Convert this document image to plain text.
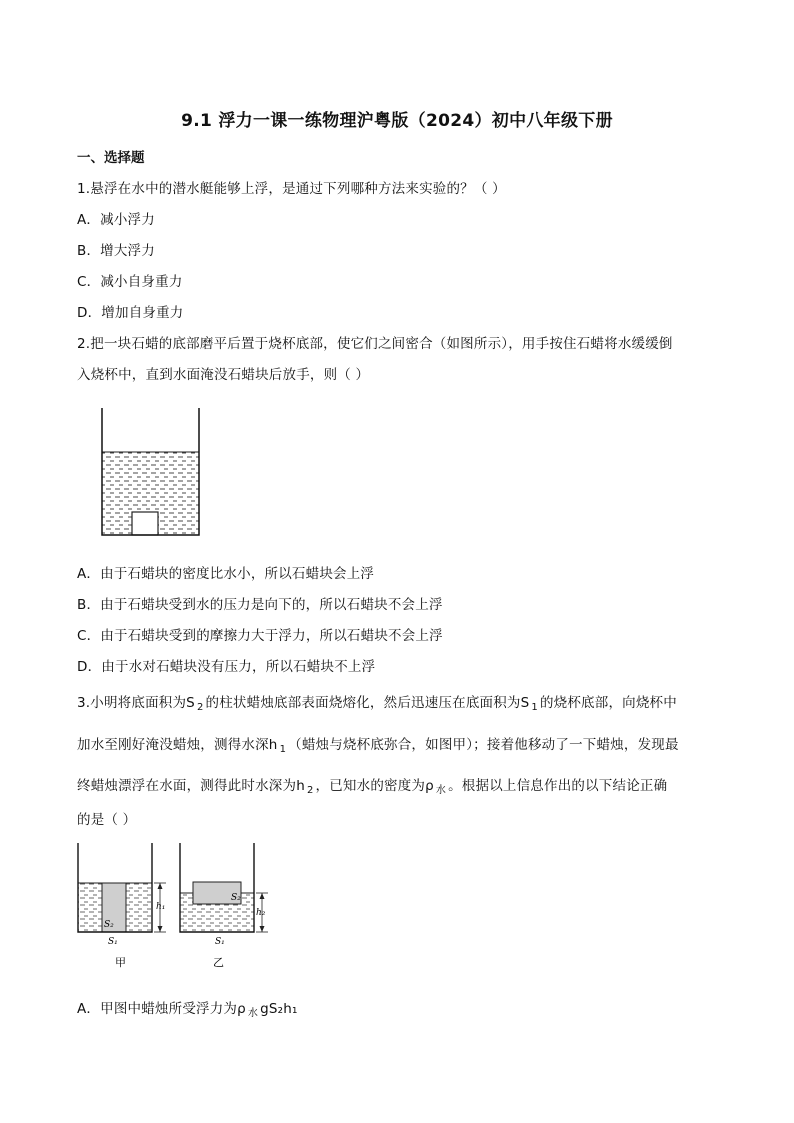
9.1 浮力一课一练物理沪粤版（2024）初中八年级下册
一、选择题
1.悬浮在水中的潜水艇能够上浮，是通过下列哪种方法来实验的？（ ）
A．减小浮力
B．增大浮力
C．减小自身重力
D．增加自身重力
2.把一块石蜡的底部磨平后置于烧杯底部，使它们之间密合（如图所示），用手按住石蜡将水缓缓倒
入烧杯中，直到水面淹没石蜡块后放手，则（ ）
A．由于石蜡块的密度比水小，所以石蜡块会上浮
B．由于石蜡块受到水的压力是向下的，所以石蜡块不会上浮
C．由于石蜡块受到的摩擦力大于浮力，所以石蜡块不会上浮
D．由于水对石蜡块没有压力，所以石蜡块不上浮
3.小明将底面积为S $_2$ 的柱状蜡烛底部表面烧熔化，然后迅速压在底面积为S $_1$ 的烧杯底部，向烧杯中
加水至刚好淹没蜡烛，测得水深h $_1$ （蜡烛与烧杯底弥合，如图甲）；接着他移动了一下蜡烛，发现最
终蜡烛漂浮在水面，测得此时水深为h $_2$ ，已知水的密度为ρ $_水$ 。根据以上信息作出的以下结论正确
的是（ ）
S₂
h₁
S₁
甲
S₂
h₂
S₁
乙
A．甲图中蜡烛所受浮力为ρ $_水$ gS₂h₁
